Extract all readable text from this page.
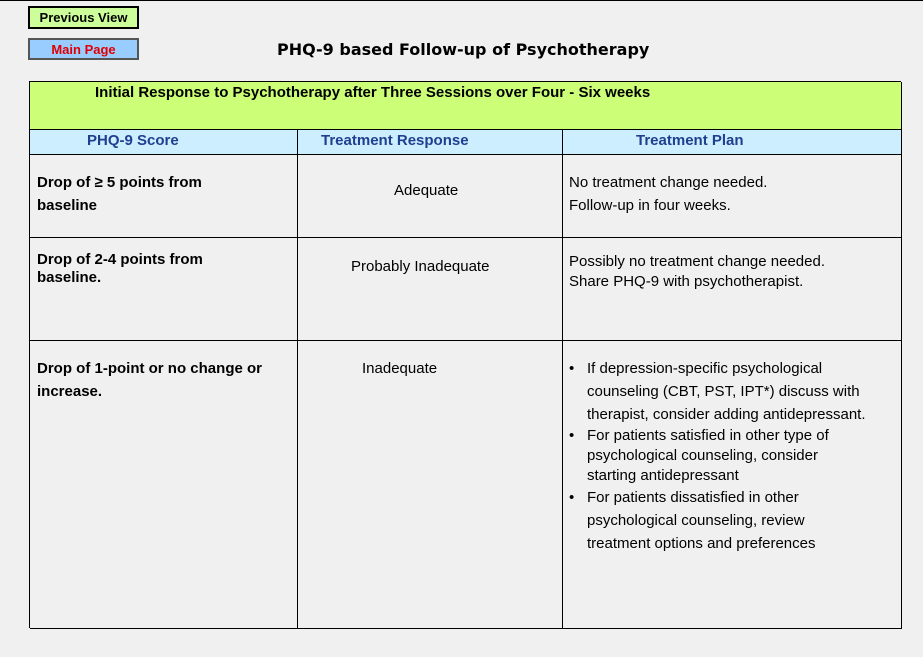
Previous View
Main Page	PHQ-9 based Follow-up of Psychotherapy
Initial Response to Psychotherapy after Three Sessions over Four - Six weeks
PHQ-9 Score	Treatment Response	Treatment Plan
Drop of ≥ 5 points from baseline
Adequate	No treatment change needed.
Follow-up in four weeks.
Drop of 2-4 points from baseline.
Probably Inadequate	Possibly no treatment change needed.
Share PHQ-9 with psychotherapist.
Drop of 1-point or no change or increase.
Inadequate
•	If depression-specific psychological counseling (CBT, PST, IPT*) discuss with therapist, consider adding antidepressant.
• For patients satisfied in other type of psychological counseling, consider starting antidepressant
• For patients dissatisfied in other psychological counseling, review treatment options and preferences
